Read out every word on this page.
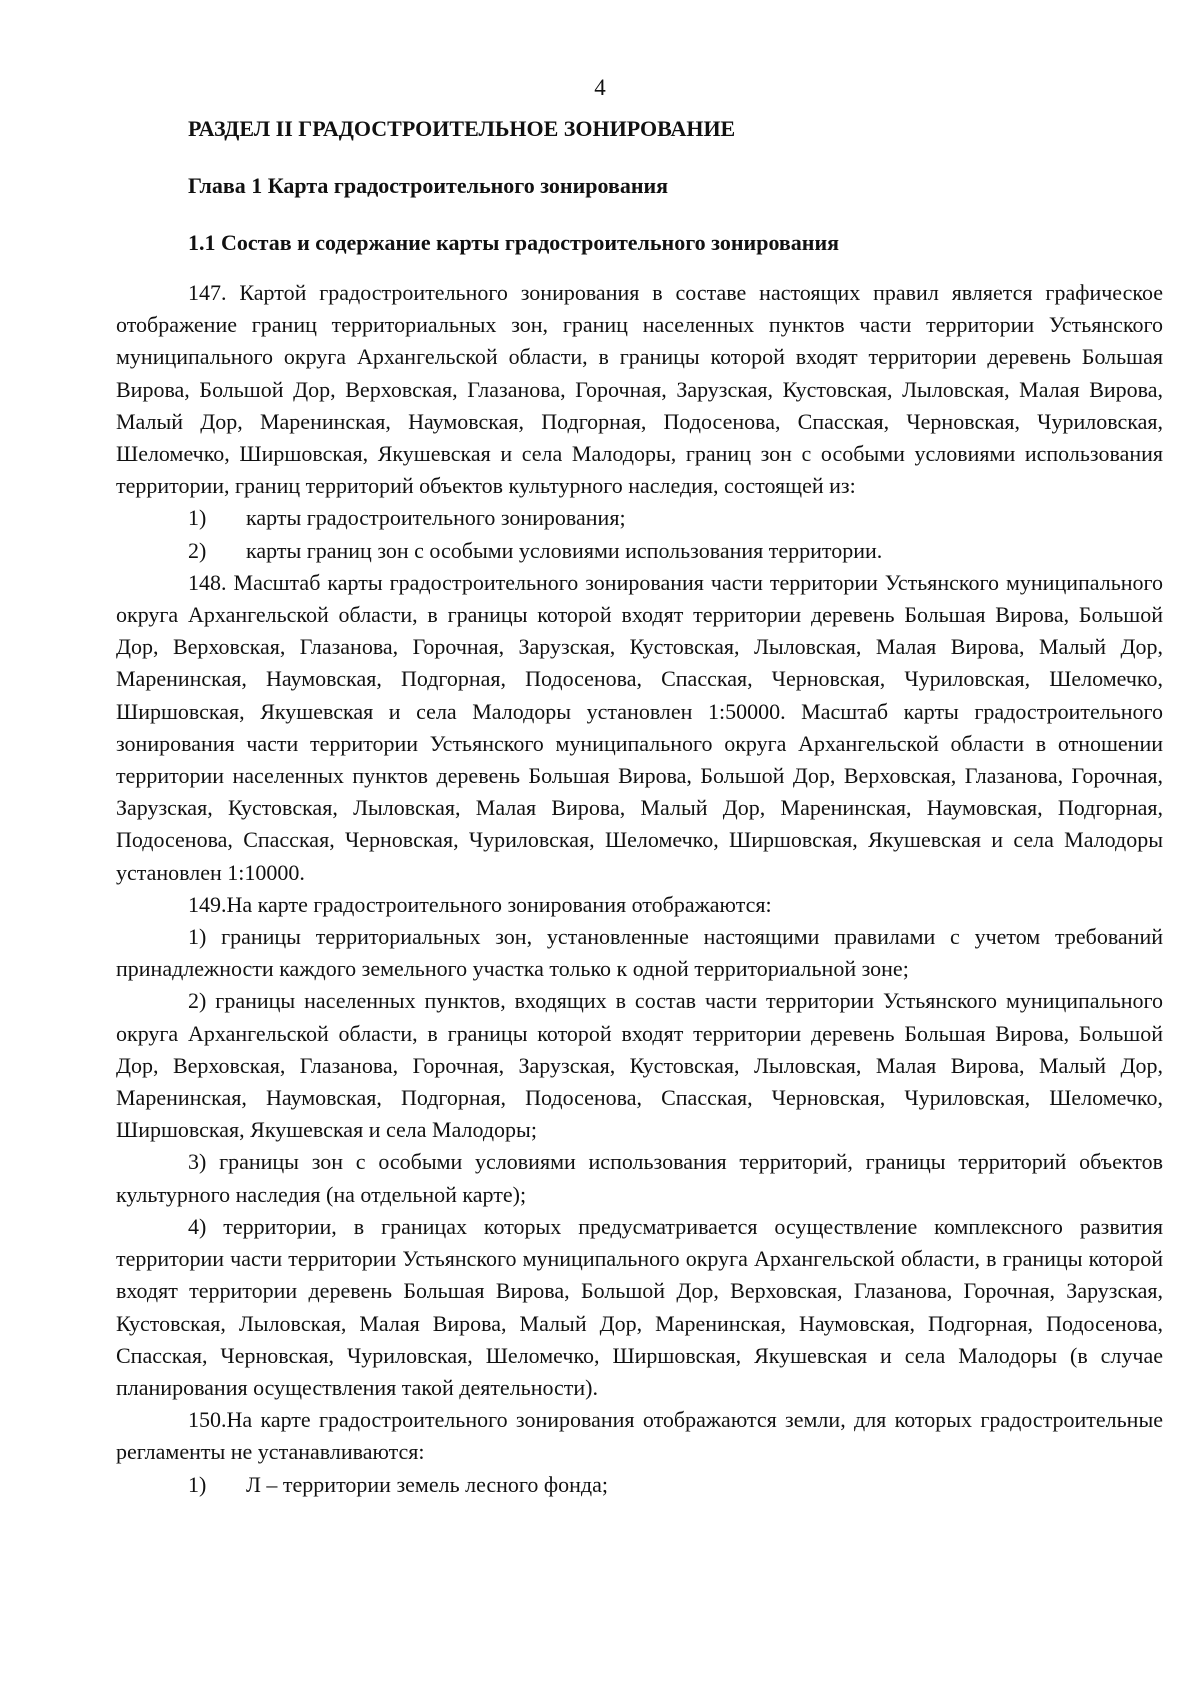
4
РАЗДЕЛ II ГРАДОСТРОИТЕЛЬНОЕ ЗОНИРОВАНИЕ
Глава 1 Карта градостроительного зонирования
1.1 Состав и содержание карты градостроительного зонирования

147. Картой градостроительного зонирования в составе настоящих правил является графическое отображение границ территориальных зон, границ населенных пунктов части территории Устьянского муниципального округа Архангельской области, в границы которой входят территории деревень Большая Вирова, Большой Дор, Верховская, Глазанова, Горочная, Зарузская, Кустовская, Лыловская, Малая Вирова, Малый Дор, Маренинская, Наумовская, Подгорная, Подосенова, Спасская, Черновская, Чуриловская, Шеломечко, Ширшовская, Якушевская и села Малодоры, границ зон с особыми условиями использования территории, границ территорий объектов культурного наследия, состоящей из:

1)	карты градостроительного зонирования;
2)	карты границ зон с особыми условиями использования территории.

148. Масштаб карты градостроительного зонирования части территории Устьянского муниципального округа Архангельской области, в границы которой входят территории деревень Большая Вирова, Большой Дор, Верховская, Глазанова, Горочная, Зарузская, Кустовская, Лыловская, Малая Вирова, Малый Дор, Маренинская, Наумовская, Подгорная, Подосенова, Спасская, Черновская, Чуриловская, Шеломечко, Ширшовская, Якушевская и села Малодоры установлен 1:50000. Масштаб карты градостроительного зонирования части территории Устьянского муниципального округа Архангельской области в отношении территории населенных пунктов деревень Большая Вирова, Большой Дор, Верховская, Глазанова, Горочная, Зарузская, Кустовская, Лыловская, Малая Вирова, Малый Дор, Маренинская, Наумовская, Подгорная, Подосенова, Спасская, Черновская, Чуриловская, Шеломечко, Ширшовская, Якушевская и села Малодоры установлен 1:10000.

149.На карте градостроительного зонирования отображаются:

1) границы территориальных зон, установленные настоящими правилами с учетом требований принадлежности каждого земельного участка только к одной территориальной зоне;

2) границы населенных пунктов, входящих в состав части территории Устьянского муниципального округа Архангельской области, в границы которой входят территории деревень Большая Вирова, Большой Дор, Верховская, Глазанова, Горочная, Зарузская, Кустовская, Лыловская, Малая Вирова, Малый Дор, Маренинская, Наумовская, Подгорная, Подосенова, Спасская, Черновская, Чуриловская, Шеломечко, Ширшовская, Якушевская и села Малодоры;

3) границы зон с особыми условиями использования территорий, границы территорий объектов культурного наследия (на отдельной карте);

4) территории, в границах которых предусматривается осуществление комплексного развития территории части территории Устьянского муниципального округа Архангельской области, в границы которой входят территории деревень Большая Вирова, Большой Дор, Верховская, Глазанова, Горочная, Зарузская, Кустовская, Лыловская, Малая Вирова, Малый Дор, Маренинская, Наумовская, Подгорная, Подосенова, Спасская, Черновская, Чуриловская, Шеломечко, Ширшовская, Якушевская и села Малодоры (в случае планирования осуществления такой деятельности).

150.На карте градостроительного зонирования отображаются земли, для которых градостроительные регламенты не устанавливаются:

1)	Л – территории земель лесного фонда;
